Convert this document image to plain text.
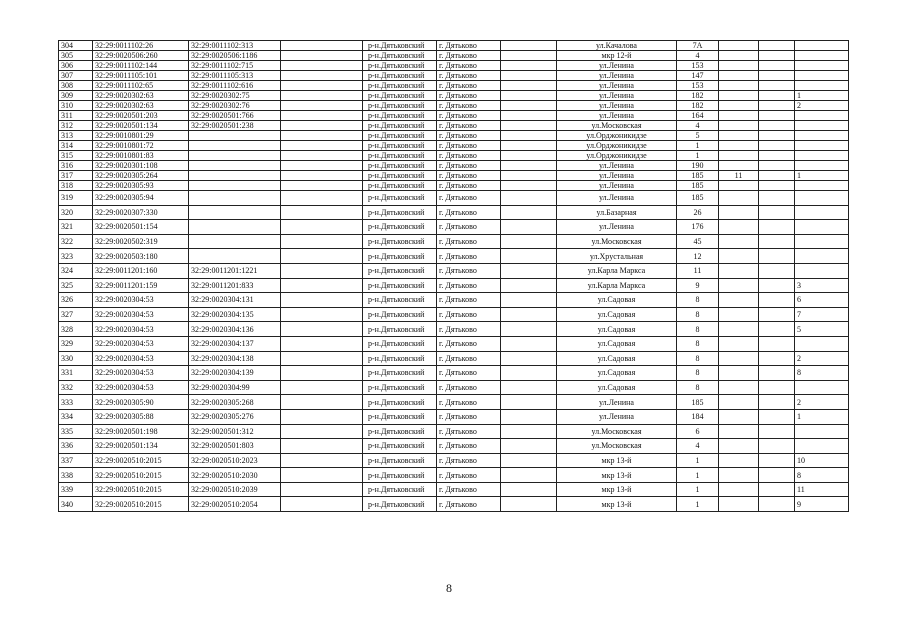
304	32:29:0011102:26	32:29:0011102:313		р-н.Дятьковский	г. Дятьково		ул.Качалова	7А			
305	32:29:0020506:260	32:29:0020506:1186		р-н.Дятьковский	г. Дятьково		мкр 12-й	4			
306	32:29:0011102:144	32:29:0011102:715		р-н.Дятьковский	г. Дятьково		ул.Ленина	153			
307	32:29:0011105:101	32:29:0011105:313		р-н.Дятьковский	г. Дятьково		ул.Ленина	147			
308	32:29:0011102:65	32:29:0011102:616		р-н.Дятьковский	г. Дятьково		ул.Ленина	153			
309	32:29:0020302:63	32:29:0020302:75		р-н.Дятьковский	г. Дятьково		ул.Ленина	182			1
310	32:29:0020302:63	32:29:0020302:76		р-н.Дятьковский	г. Дятьково		ул.Ленина	182			2
311	32:29:0020501:203	32:29:0020501:766		р-н.Дятьковский	г. Дятьково		ул.Ленина	164			
312	32:29:0020501:134	32:29:0020501:238		р-н.Дятьковский	г. Дятьково		ул.Московская	4			
313	32:29:0010801:29			р-н.Дятьковский	г. Дятьково		ул.Орджоникидзе	5			
314	32:29:0010801:72			р-н.Дятьковский	г. Дятьково		ул.Орджоникидзе	1			
315	32:29:0010801:83			р-н.Дятьковский	г. Дятьково		ул.Орджоникидзе	1			
316	32:29:0020301:108			р-н.Дятьковский	г. Дятьково		ул.Ленина	190			
317	32:29:0020305:264			р-н.Дятьковский	г. Дятьково		ул.Ленина	185	11		1
318	32:29:0020305:93			р-н.Дятьковский	г. Дятьково		ул.Ленина	185			
319	32:29:0020305:94			р-н.Дятьковский	г. Дятьково		ул.Ленина	185			
320	32:29:0020307:330			р-н.Дятьковский	г. Дятьково		ул.Базарная	26			
321	32:29:0020501:154			р-н.Дятьковский	г. Дятьково		ул.Ленина	176			
322	32:29:0020502:319			р-н.Дятьковский	г. Дятьково		ул.Московская	45			
323	32:29:0020503:180			р-н.Дятьковский	г. Дятьково		ул.Хрустальная	12			
324	32:29:0011201:160	32:29:0011201:1221		р-н.Дятьковский	г. Дятьково		ул.Карла Маркса	11			
325	32:29:0011201:159	32:29:0011201:833		р-н.Дятьковский	г. Дятьково		ул.Карла Маркса	9			3
326	32:29:0020304:53	32:29:0020304:131		р-н.Дятьковский	г. Дятьково		ул.Садовая	8			6
327	32:29:0020304:53	32:29:0020304:135		р-н.Дятьковский	г. Дятьково		ул.Садовая	8			7
328	32:29:0020304:53	32:29:0020304:136		р-н.Дятьковский	г. Дятьково		ул.Садовая	8			5
329	32:29:0020304:53	32:29:0020304:137		р-н.Дятьковский	г. Дятьково		ул.Садовая	8			
330	32:29:0020304:53	32:29:0020304:138		р-н.Дятьковский	г. Дятьково		ул.Садовая	8			2
331	32:29:0020304:53	32:29:0020304:139		р-н.Дятьковский	г. Дятьково		ул.Садовая	8			8
332	32:29:0020304:53	32:29:0020304:99		р-н.Дятьковский	г. Дятьково		ул.Садовая	8			
333	32:29:0020305:90	32:29:0020305:268		р-н.Дятьковский	г. Дятьково		ул.Ленина	185			2
334	32:29:0020305:88	32:29:0020305:276		р-н.Дятьковский	г. Дятьково		ул.Ленина	184			1
335	32:29:0020501:198	32:29:0020501:312		р-н.Дятьковский	г. Дятьково		ул.Московская	6			
336	32:29:0020501:134	32:29:0020501:803		р-н.Дятьковский	г. Дятьково		ул.Московская	4			
337	32:29:0020510:2015	32:29:0020510:2023		р-н.Дятьковский	г. Дятьково		мкр 13-й	1			10
338	32:29:0020510:2015	32:29:0020510:2030		р-н.Дятьковский	г. Дятьково		мкр 13-й	1			8
339	32:29:0020510:2015	32:29:0020510:2039		р-н.Дятьковский	г. Дятьково		мкр 13-й	1			11
340	32:29:0020510:2015	32:29:0020510:2054		р-н.Дятьковский	г. Дятьково		мкр 13-й	1			9
8
